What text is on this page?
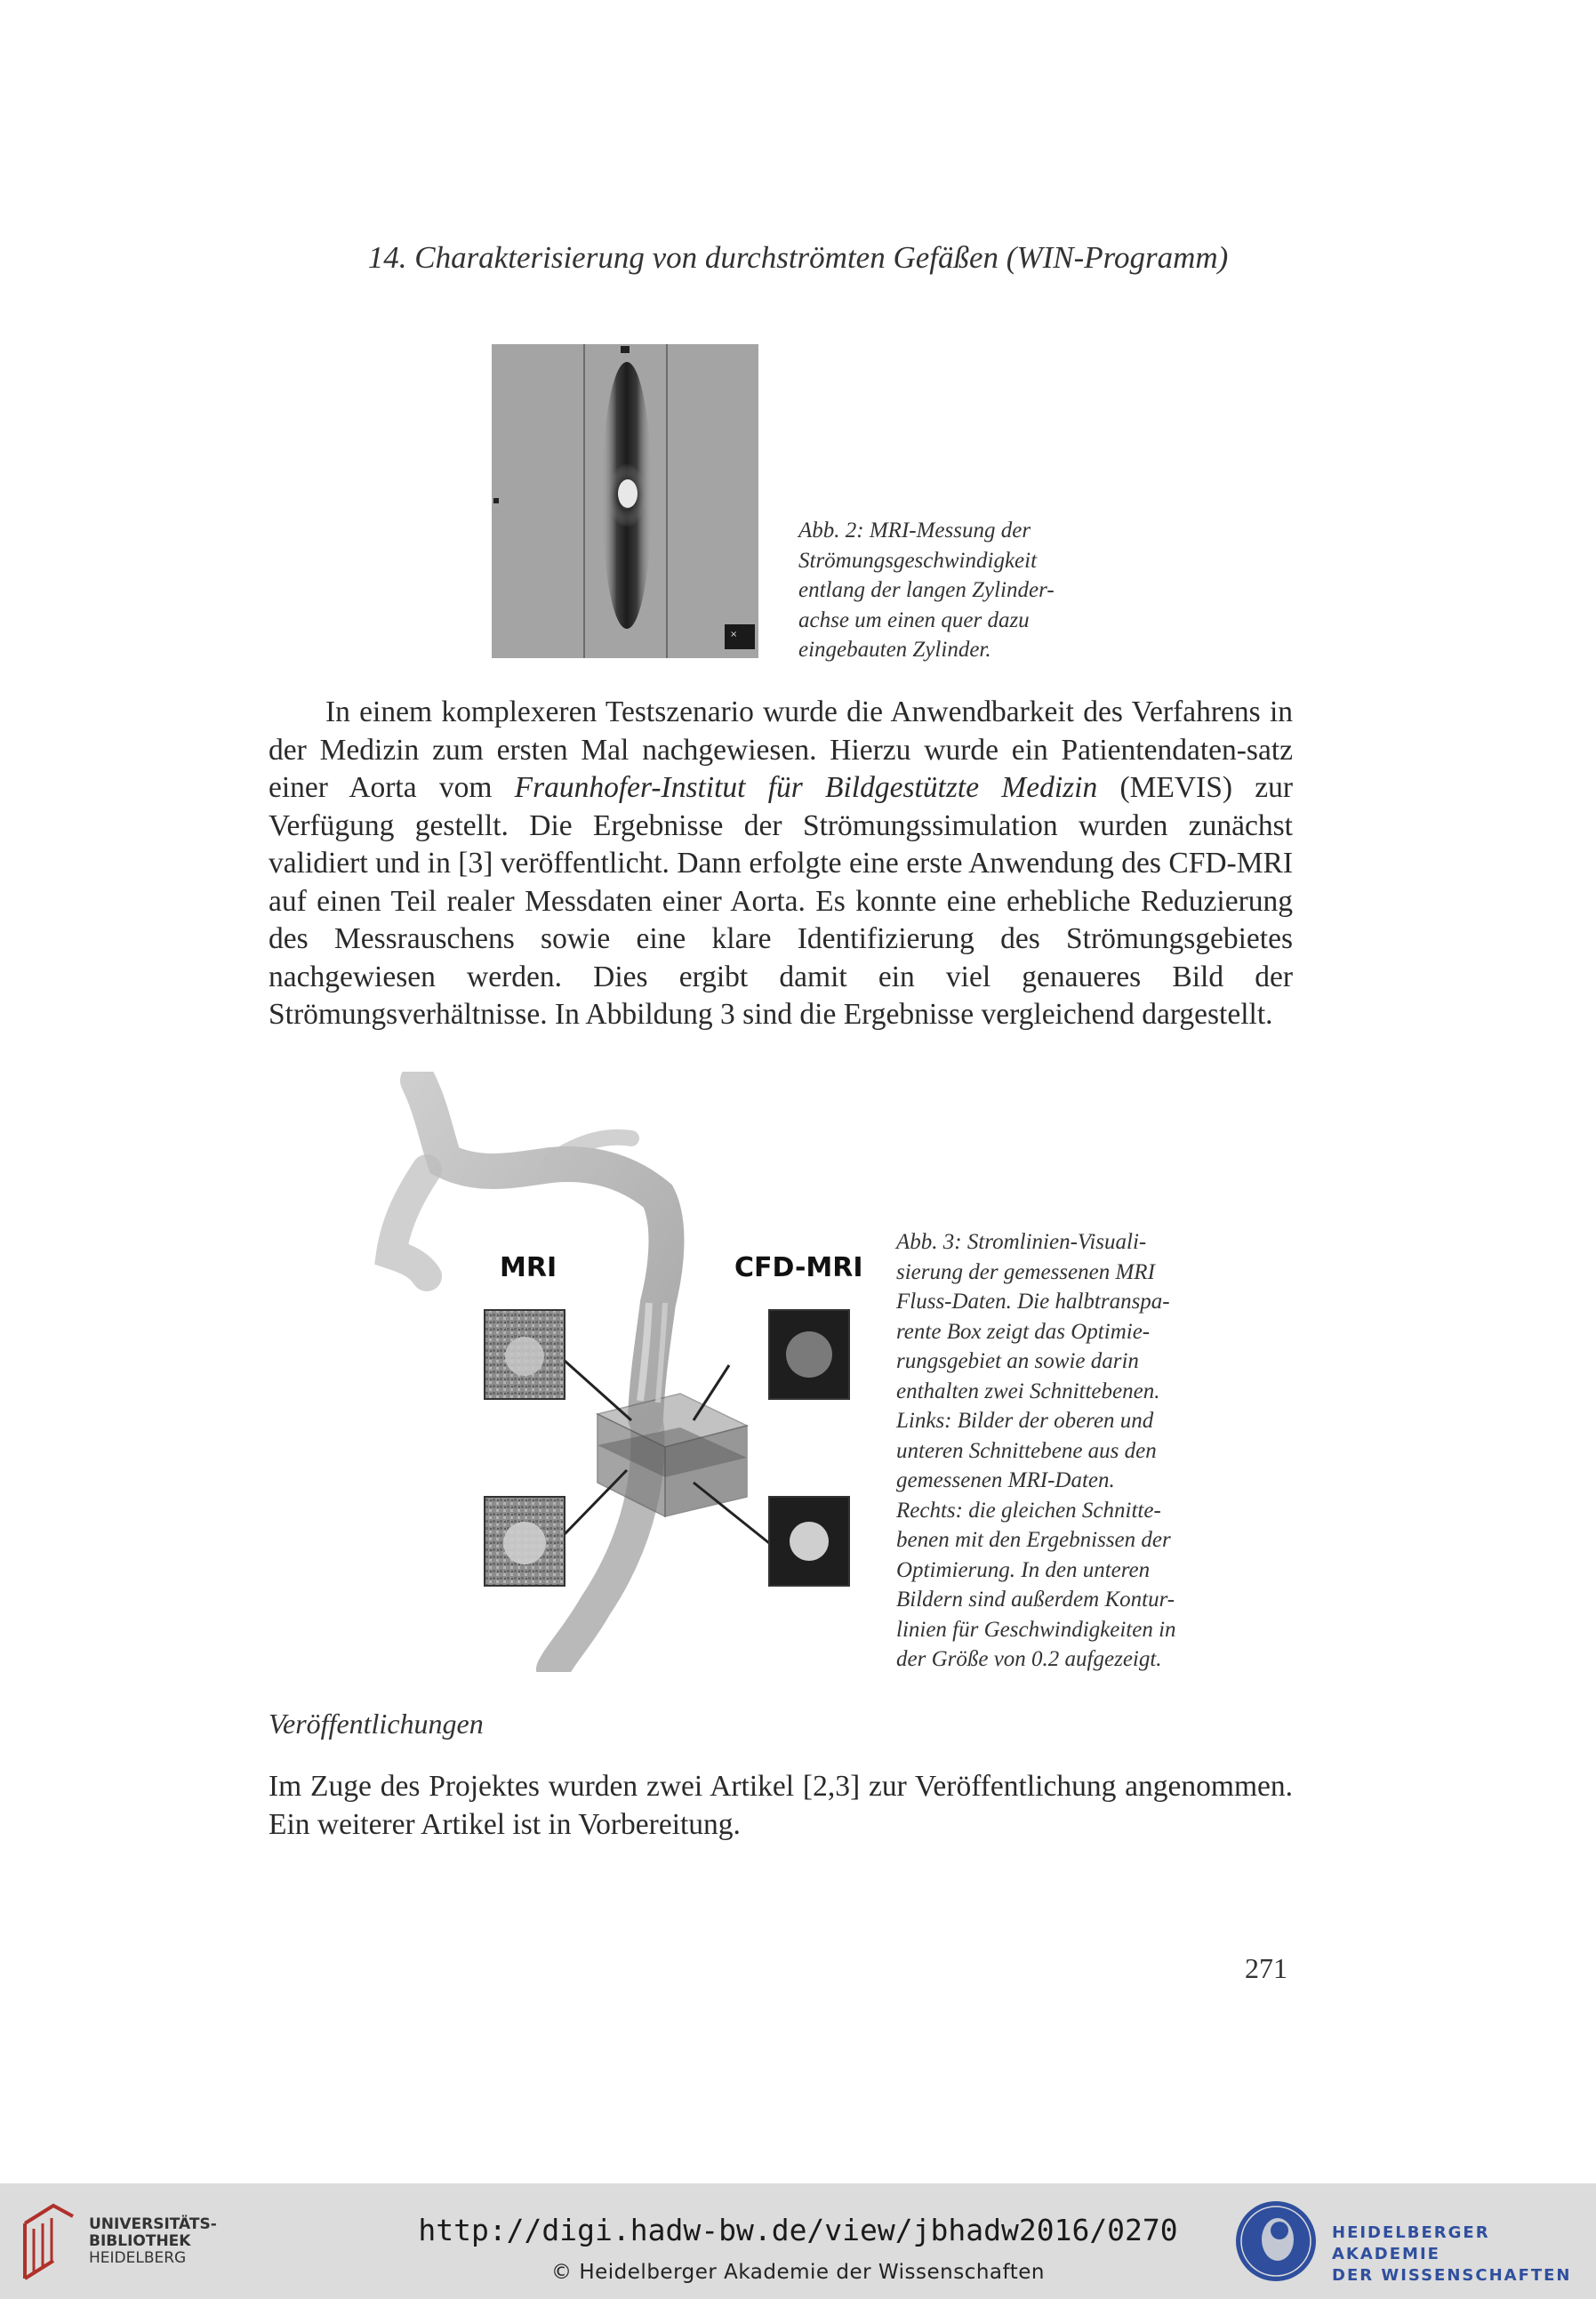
14. Charakterisierung von durchströmten Gefäßen (WIN-Programm)
×
Abb. 2: MRI-Messung der
Strömungsgeschwindigkeit
entlang der langen Zylinder-
achse um einen quer dazu
eingebauten Zylinder.

In einem komplexeren Testszenario wurde die Anwendbarkeit des Verfahrens in der Medizin zum ersten Mal nachgewiesen. Hierzu wurde ein Patientendaten-satz einer Aorta vom Fraunhofer-Institut für Bildgestützte Medizin (MEVIS) zur Verfügung gestellt. Die Ergebnisse der Strömungssimulation wurden zunächst validiert und in [3] veröffentlicht. Dann erfolgte eine erste Anwendung des CFD-MRI auf einen Teil realer Messdaten einer Aorta. Es konnte eine erhebliche Reduzierung des Messrauschens sowie eine klare Identifizierung des Strömungsgebietes nachgewiesen werden. Dies ergibt damit ein viel genaueres Bild der Strömungsverhältnisse. In Abbildung 3 sind die Ergebnisse vergleichend dargestellt.

MRI	CFD-MRI
Abb. 3: Stromlinien-Visuali-
sierung der gemessenen MRI
Fluss-Daten. Die halbtranspa-
rente Box zeigt das Optimie-
rungsgebiet an sowie darin
enthalten zwei Schnittebenen.
Links: Bilder der oberen und
unteren Schnittebene aus den
gemessenen MRI-Daten.
Rechts: die gleichen Schnitte-
benen mit den Ergebnissen der
Optimierung. In den unteren
Bildern sind außerdem Kontur-
linien für Geschwindigkeiten in
der Größe von 0.2 aufgezeigt.
Veröffentlichungen

Im Zuge des Projektes wurden zwei Artikel [2,3] zur Veröffentlichung angenommen. Ein weiterer Artikel ist in Vorbereitung.

271
UNIVERSITÄTS-
BIBLIOTHEK
HEIDELBERG
http://digi.hadw-bw.de/view/jbhadw2016/0270
© Heidelberger Akademie der Wissenschaften
HEIDELBERGER AKADEMIE
DER WISSENSCHAFTEN
